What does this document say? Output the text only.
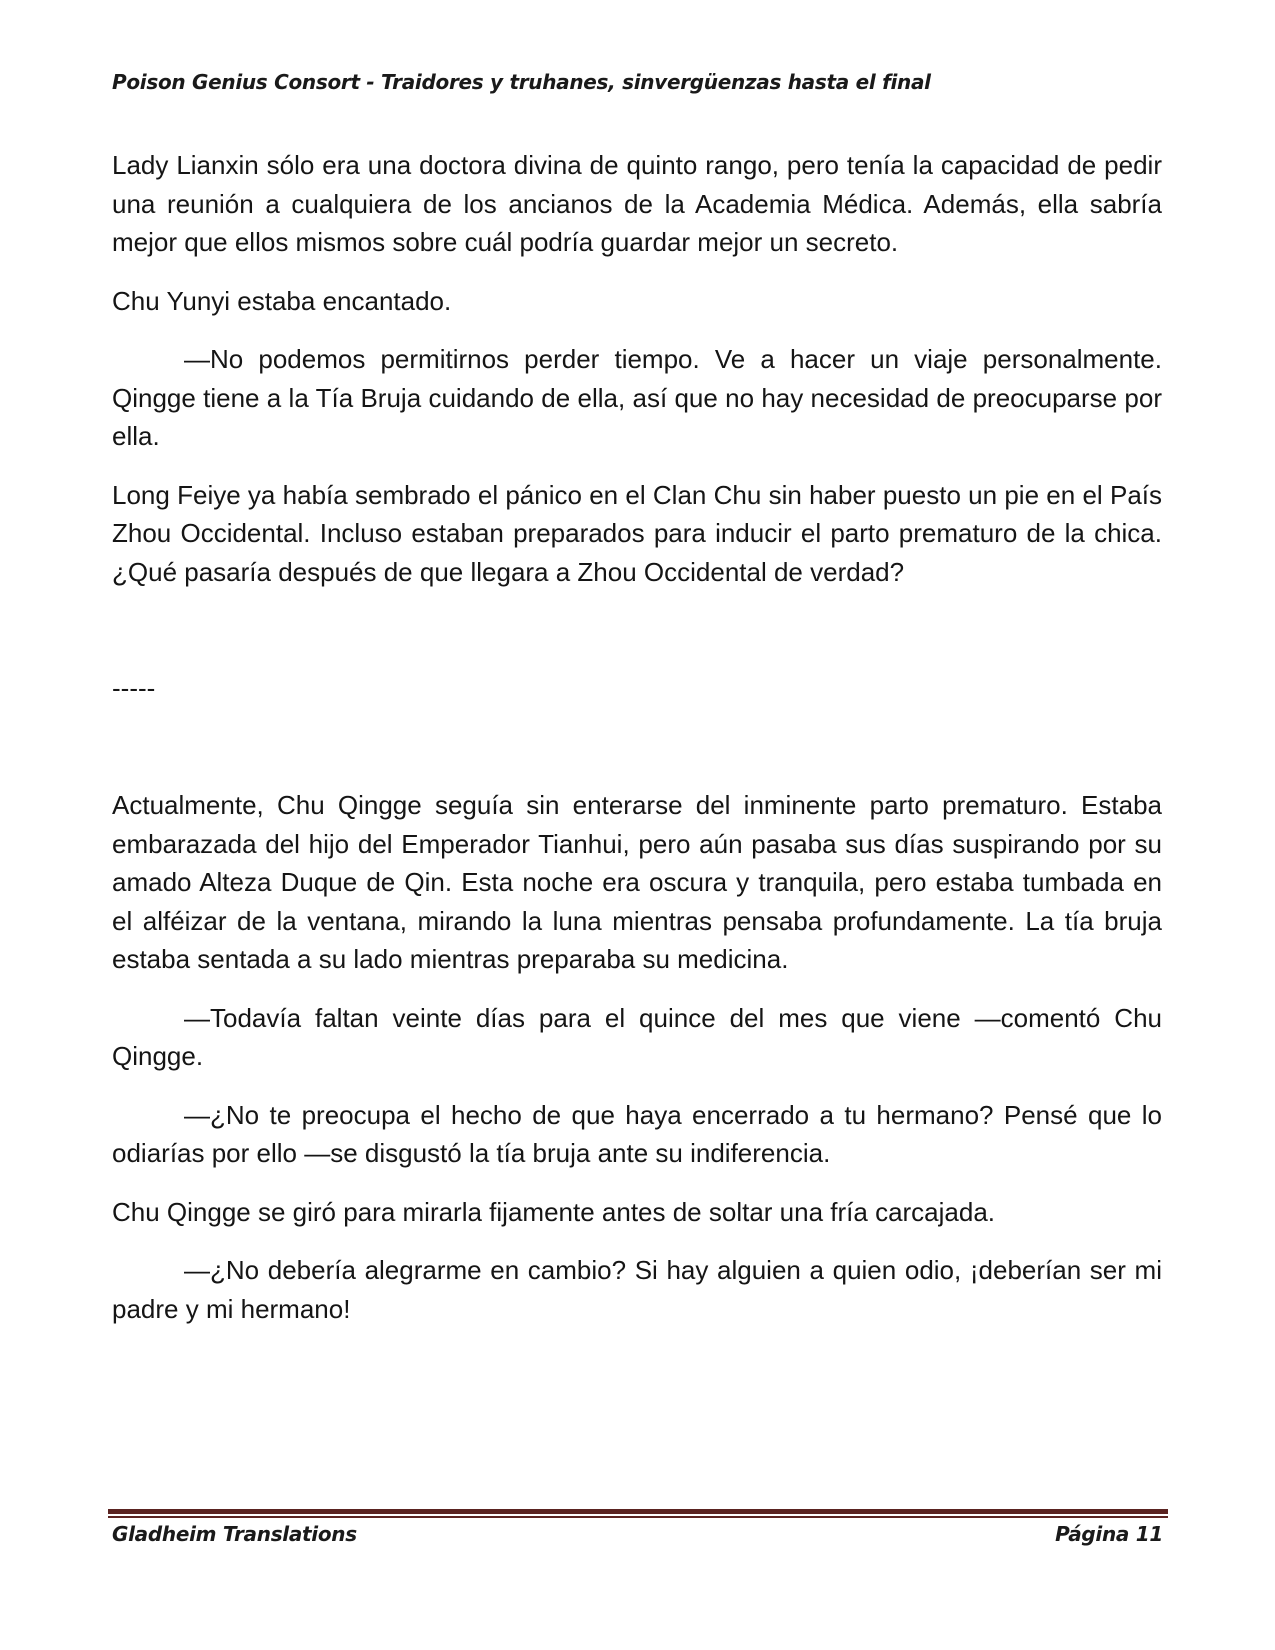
Poison Genius Consort - Traidores y truhanes, sinvergüenzas hasta el final

Lady Lianxin sólo era una doctora divina de quinto rango, pero tenía la capacidad de pedir una reunión a cualquiera de los ancianos de la Academia Médica. Además, ella sabría mejor que ellos mismos sobre cuál podría guardar mejor un secreto.

Chu Yunyi estaba encantado.

—No podemos permitirnos perder tiempo. Ve a hacer un viaje personalmente. Qingge tiene a la Tía Bruja cuidando de ella, así que no hay necesidad de preocuparse por ella.

Long Feiye ya había sembrado el pánico en el Clan Chu sin haber puesto un pie en el País Zhou Occidental. Incluso estaban preparados para inducir el parto prematuro de la chica. ¿Qué pasaría después de que llegara a Zhou Occidental de verdad?

-----

Actualmente, Chu Qingge seguía sin enterarse del inminente parto prematuro. Estaba embarazada del hijo del Emperador Tianhui, pero aún pasaba sus días suspirando por su amado Alteza Duque de Qin. Esta noche era oscura y tranquila, pero estaba tumbada en el alféizar de la ventana, mirando la luna mientras pensaba profundamente. La tía bruja estaba sentada a su lado mientras preparaba su medicina.

—Todavía faltan veinte días para el quince del mes que viene —comentó Chu Qingge.

—¿No te preocupa el hecho de que haya encerrado a tu hermano? Pensé que lo odiarías por ello —se disgustó la tía bruja ante su indiferencia.

Chu Qingge se giró para mirarla fijamente antes de soltar una fría carcajada.

—¿No debería alegrarme en cambio? Si hay alguien a quien odio, ¡deberían ser mi padre y mi hermano!

Gladheim Translations	Página 11
